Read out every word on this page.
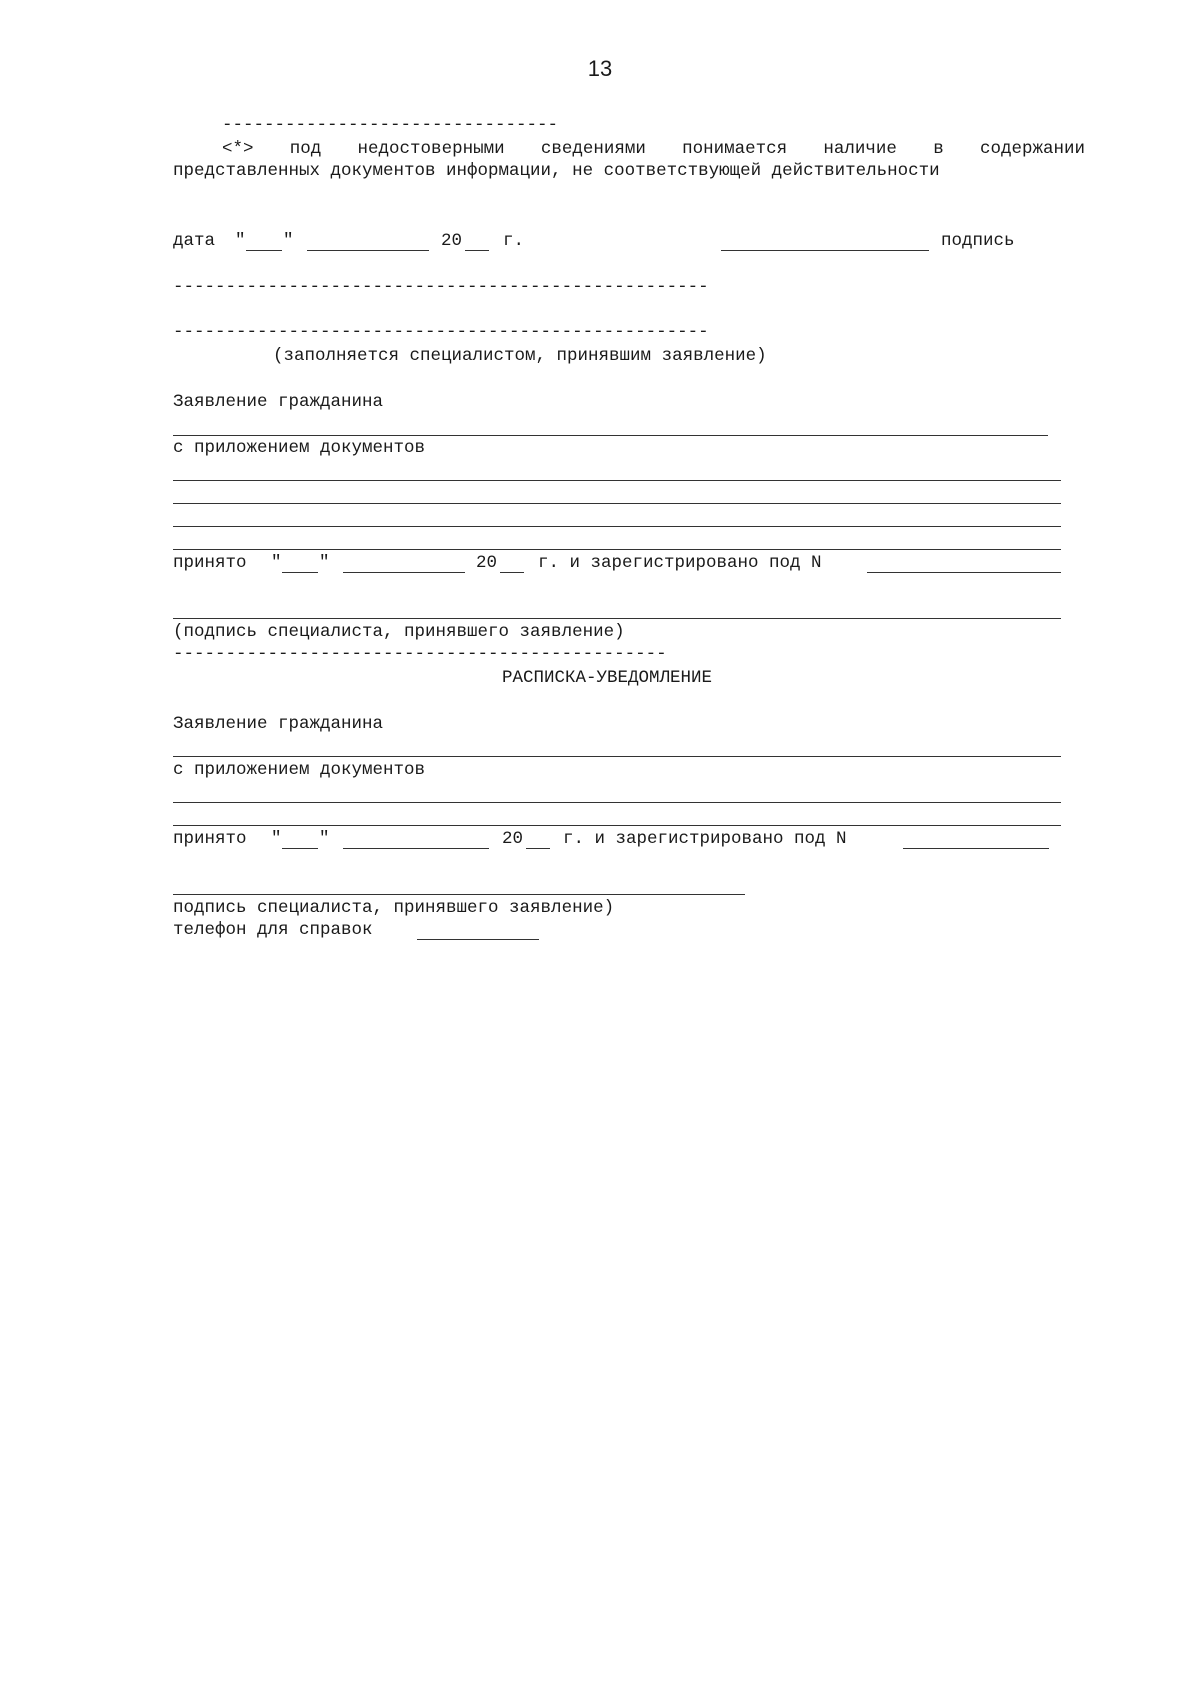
13
--------------------------------
<*> под недостоверными сведениями понимается наличие в содержании
представленных документов информации, не соответствующей действительности
дата " "	20 г.	подпись
---------------------------------------------------
---------------------------------------------------
(заполняется специалистом, принявшим заявление)
Заявление гражданина
с приложением документов
принято " "	20 г. и зарегистрировано под N
(подпись специалиста, принявшего заявление)
-----------------------------------------------
РАСПИСКА-УВЕДОМЛЕНИЕ
Заявление гражданина
с приложением документов
принято " "	20 г. и зарегистрировано под N
подпись специалиста, принявшего заявление)
телефон для справок
